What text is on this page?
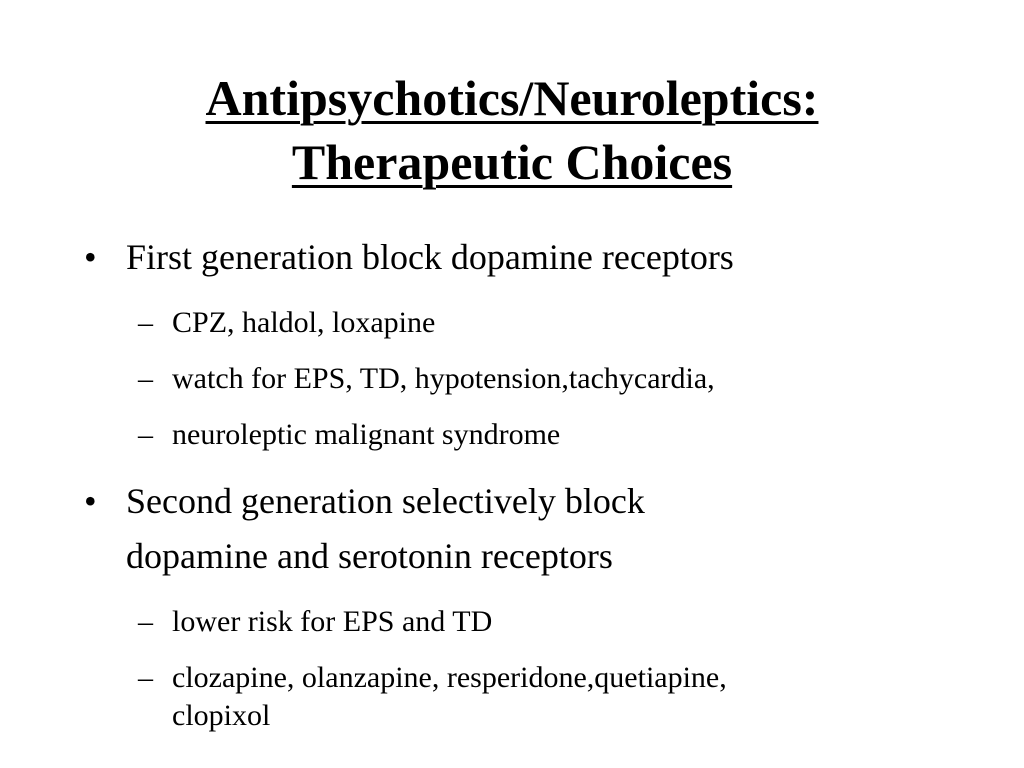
Antipsychotics/Neuroleptics:
Therapeutic Choices

• First generation block dopamine receptors

– CPZ, haldol, loxapine

– watch for EPS, TD, hypotension,tachycardia,

– neuroleptic malignant syndrome

• Second generation selectively block
dopamine and serotonin receptors

– lower risk for EPS and TD

– clozapine, olanzapine, resperidone,quetiapine,
clopixol
